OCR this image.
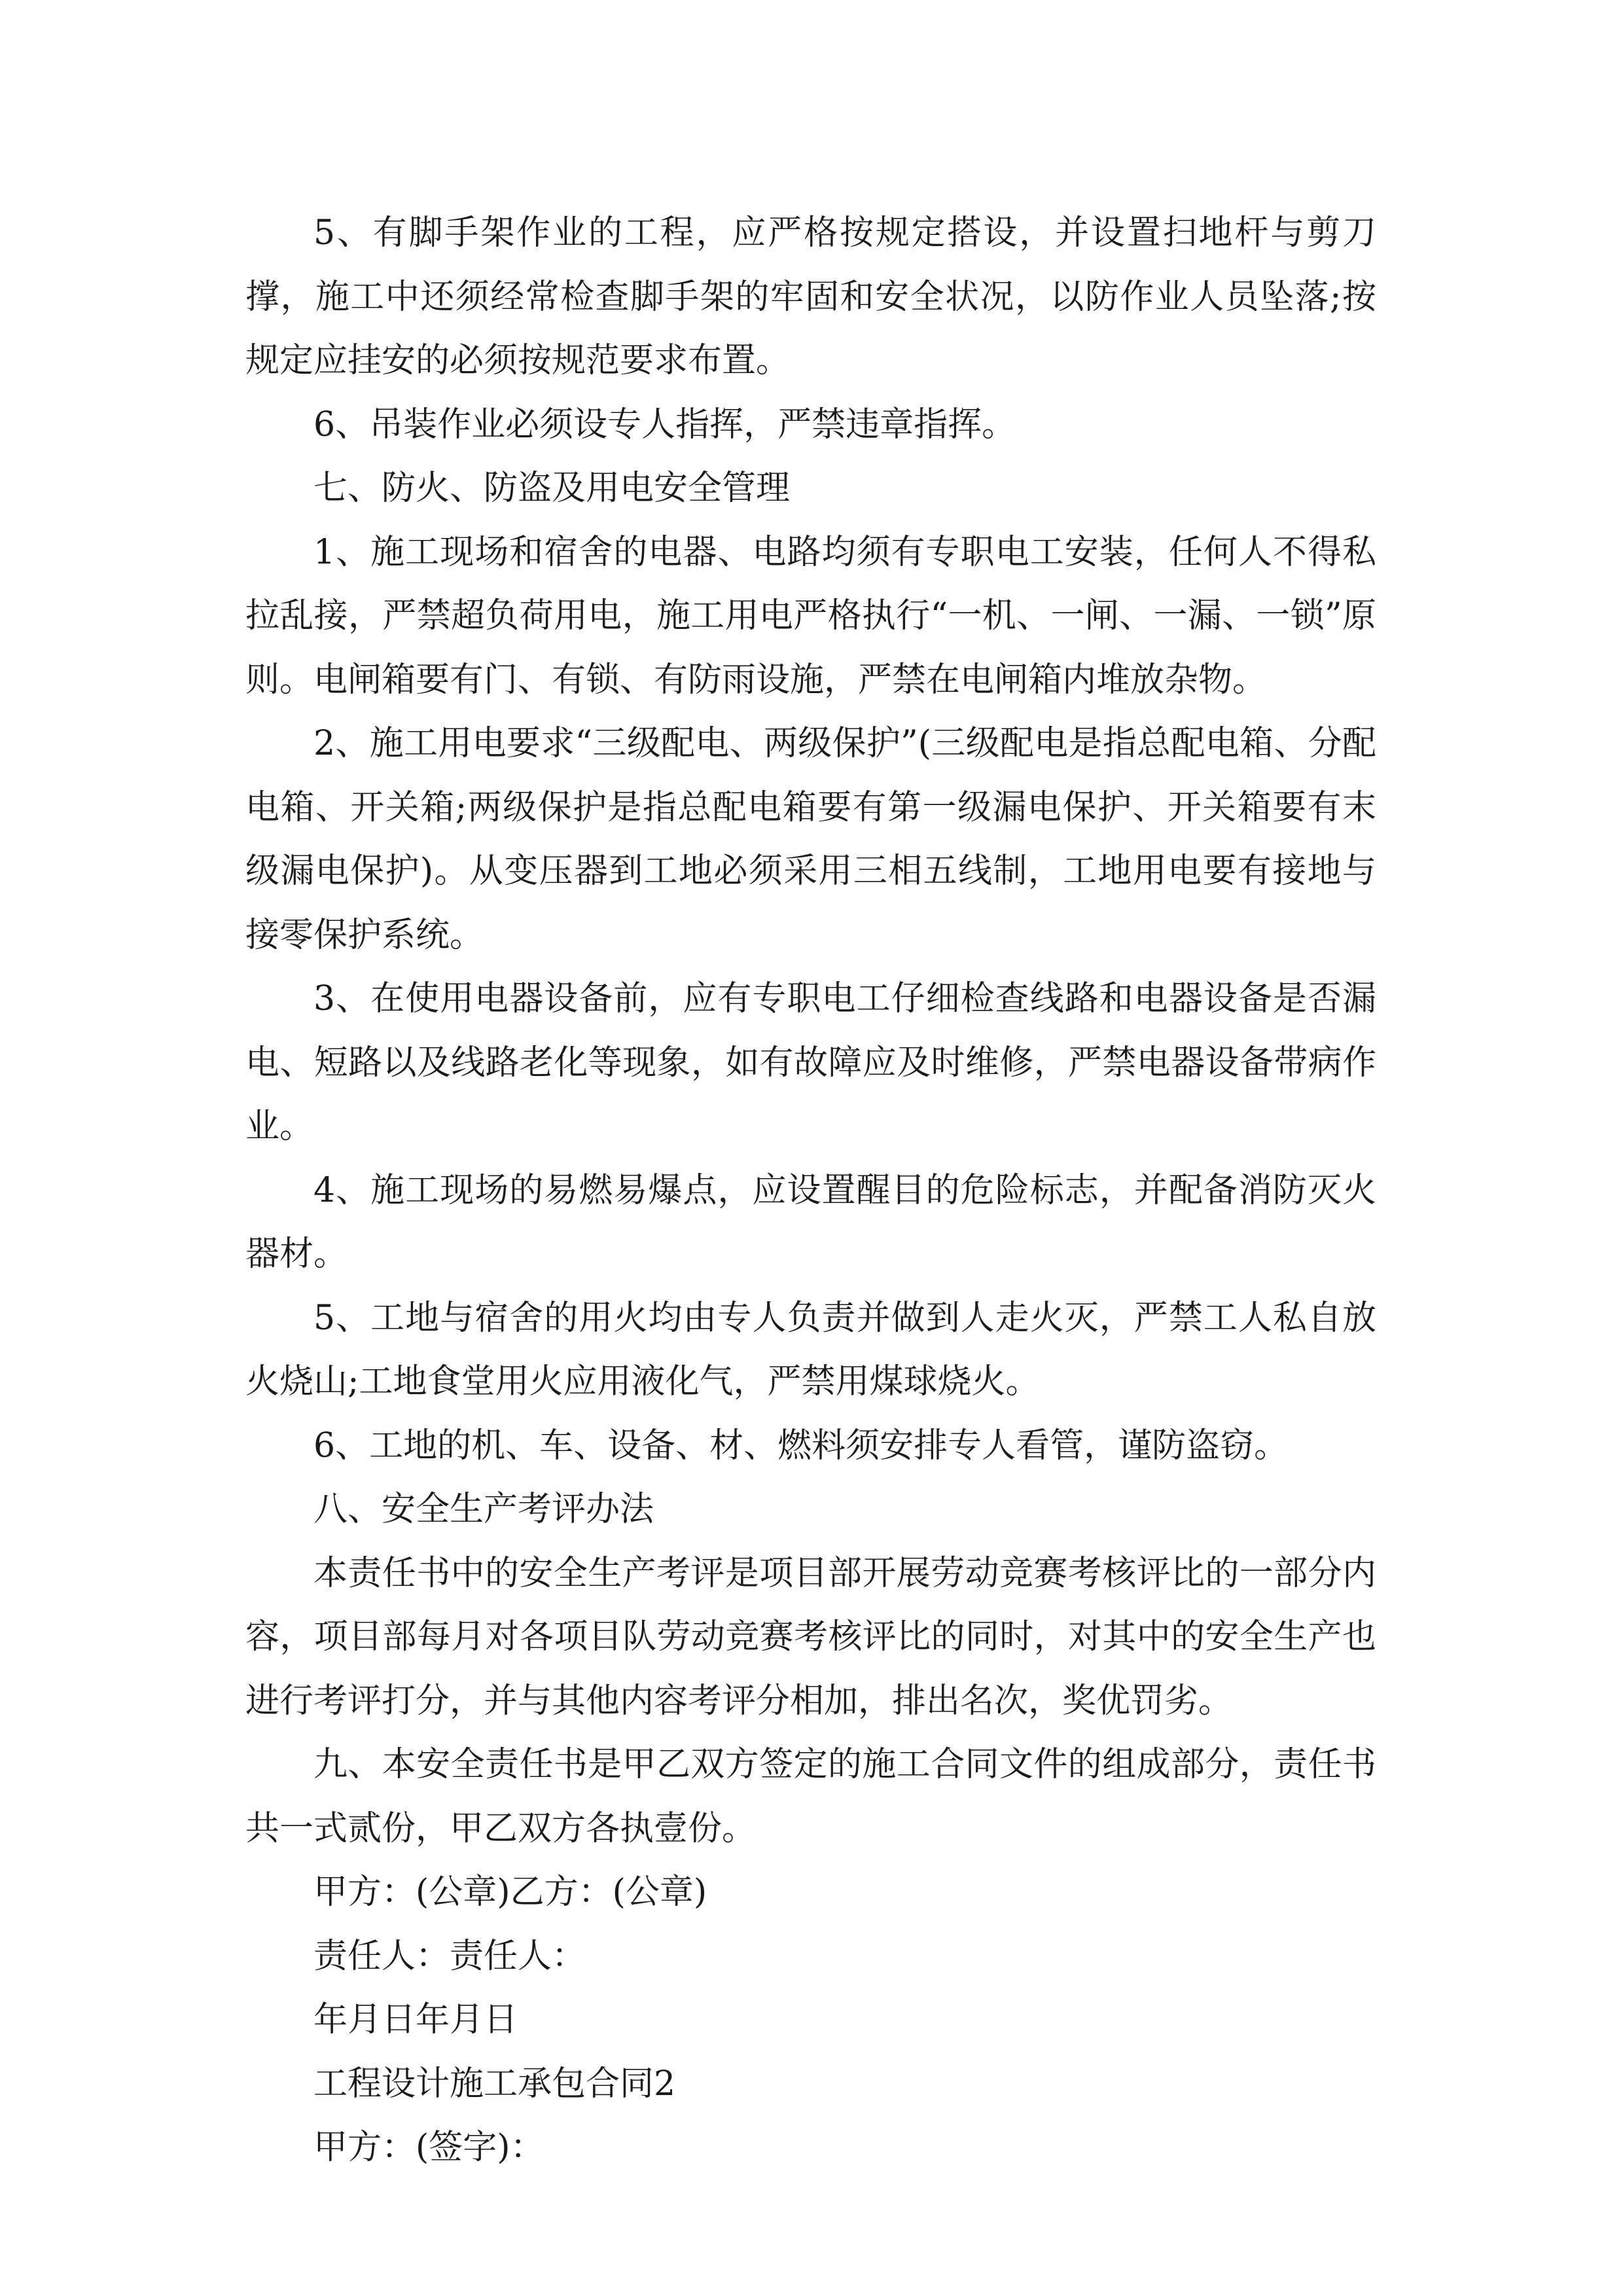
5、有脚手架作业的工程，应严格按规定搭设，并设置扫地杆与剪刀撑，施工中还须经常检查脚手架的牢固和安全状况，以防作业人员坠落;按规定应挂安的必须按规范要求布置。

6、吊装作业必须设专人指挥，严禁违章指挥。

七、防火、防盗及用电安全管理

1、施工现场和宿舍的电器、电路均须有专职电工安装，任何人不得私拉乱接，严禁超负荷用电，施工用电严格执行“一机、一闸、一漏、一锁”原则。电闸箱要有门、有锁、有防雨设施，严禁在电闸箱内堆放杂物。

2、施工用电要求“三级配电、两级保护”(三级配电是指总配电箱、分配电箱、开关箱;两级保护是指总配电箱要有第一级漏电保护、开关箱要有末级漏电保护)。从变压器到工地必须采用三相五线制，工地用电要有接地与接零保护系统。

3、在使用电器设备前，应有专职电工仔细检查线路和电器设备是否漏电、短路以及线路老化等现象，如有故障应及时维修，严禁电器设备带病作业。

4、施工现场的易燃易爆点，应设置醒目的危险标志，并配备消防灭火器材。

5、工地与宿舍的用火均由专人负责并做到人走火灭，严禁工人私自放火烧山;工地食堂用火应用液化气，严禁用煤球烧火。

6、工地的机、车、设备、材、燃料须安排专人看管，谨防盗窃。

八、安全生产考评办法

本责任书中的安全生产考评是项目部开展劳动竞赛考核评比的一部分内容，项目部每月对各项目队劳动竞赛考核评比的同时，对其中的安全生产也进行考评打分，并与其他内容考评分相加，排出名次，奖优罚劣。

九、本安全责任书是甲乙双方签定的施工合同文件的组成部分，责任书共一式贰份，甲乙双方各执壹份。

甲方：(公章)乙方：(公章)

责任人：责任人：

年月日年月日

工程设计施工承包合同2

甲方：(签字)：
